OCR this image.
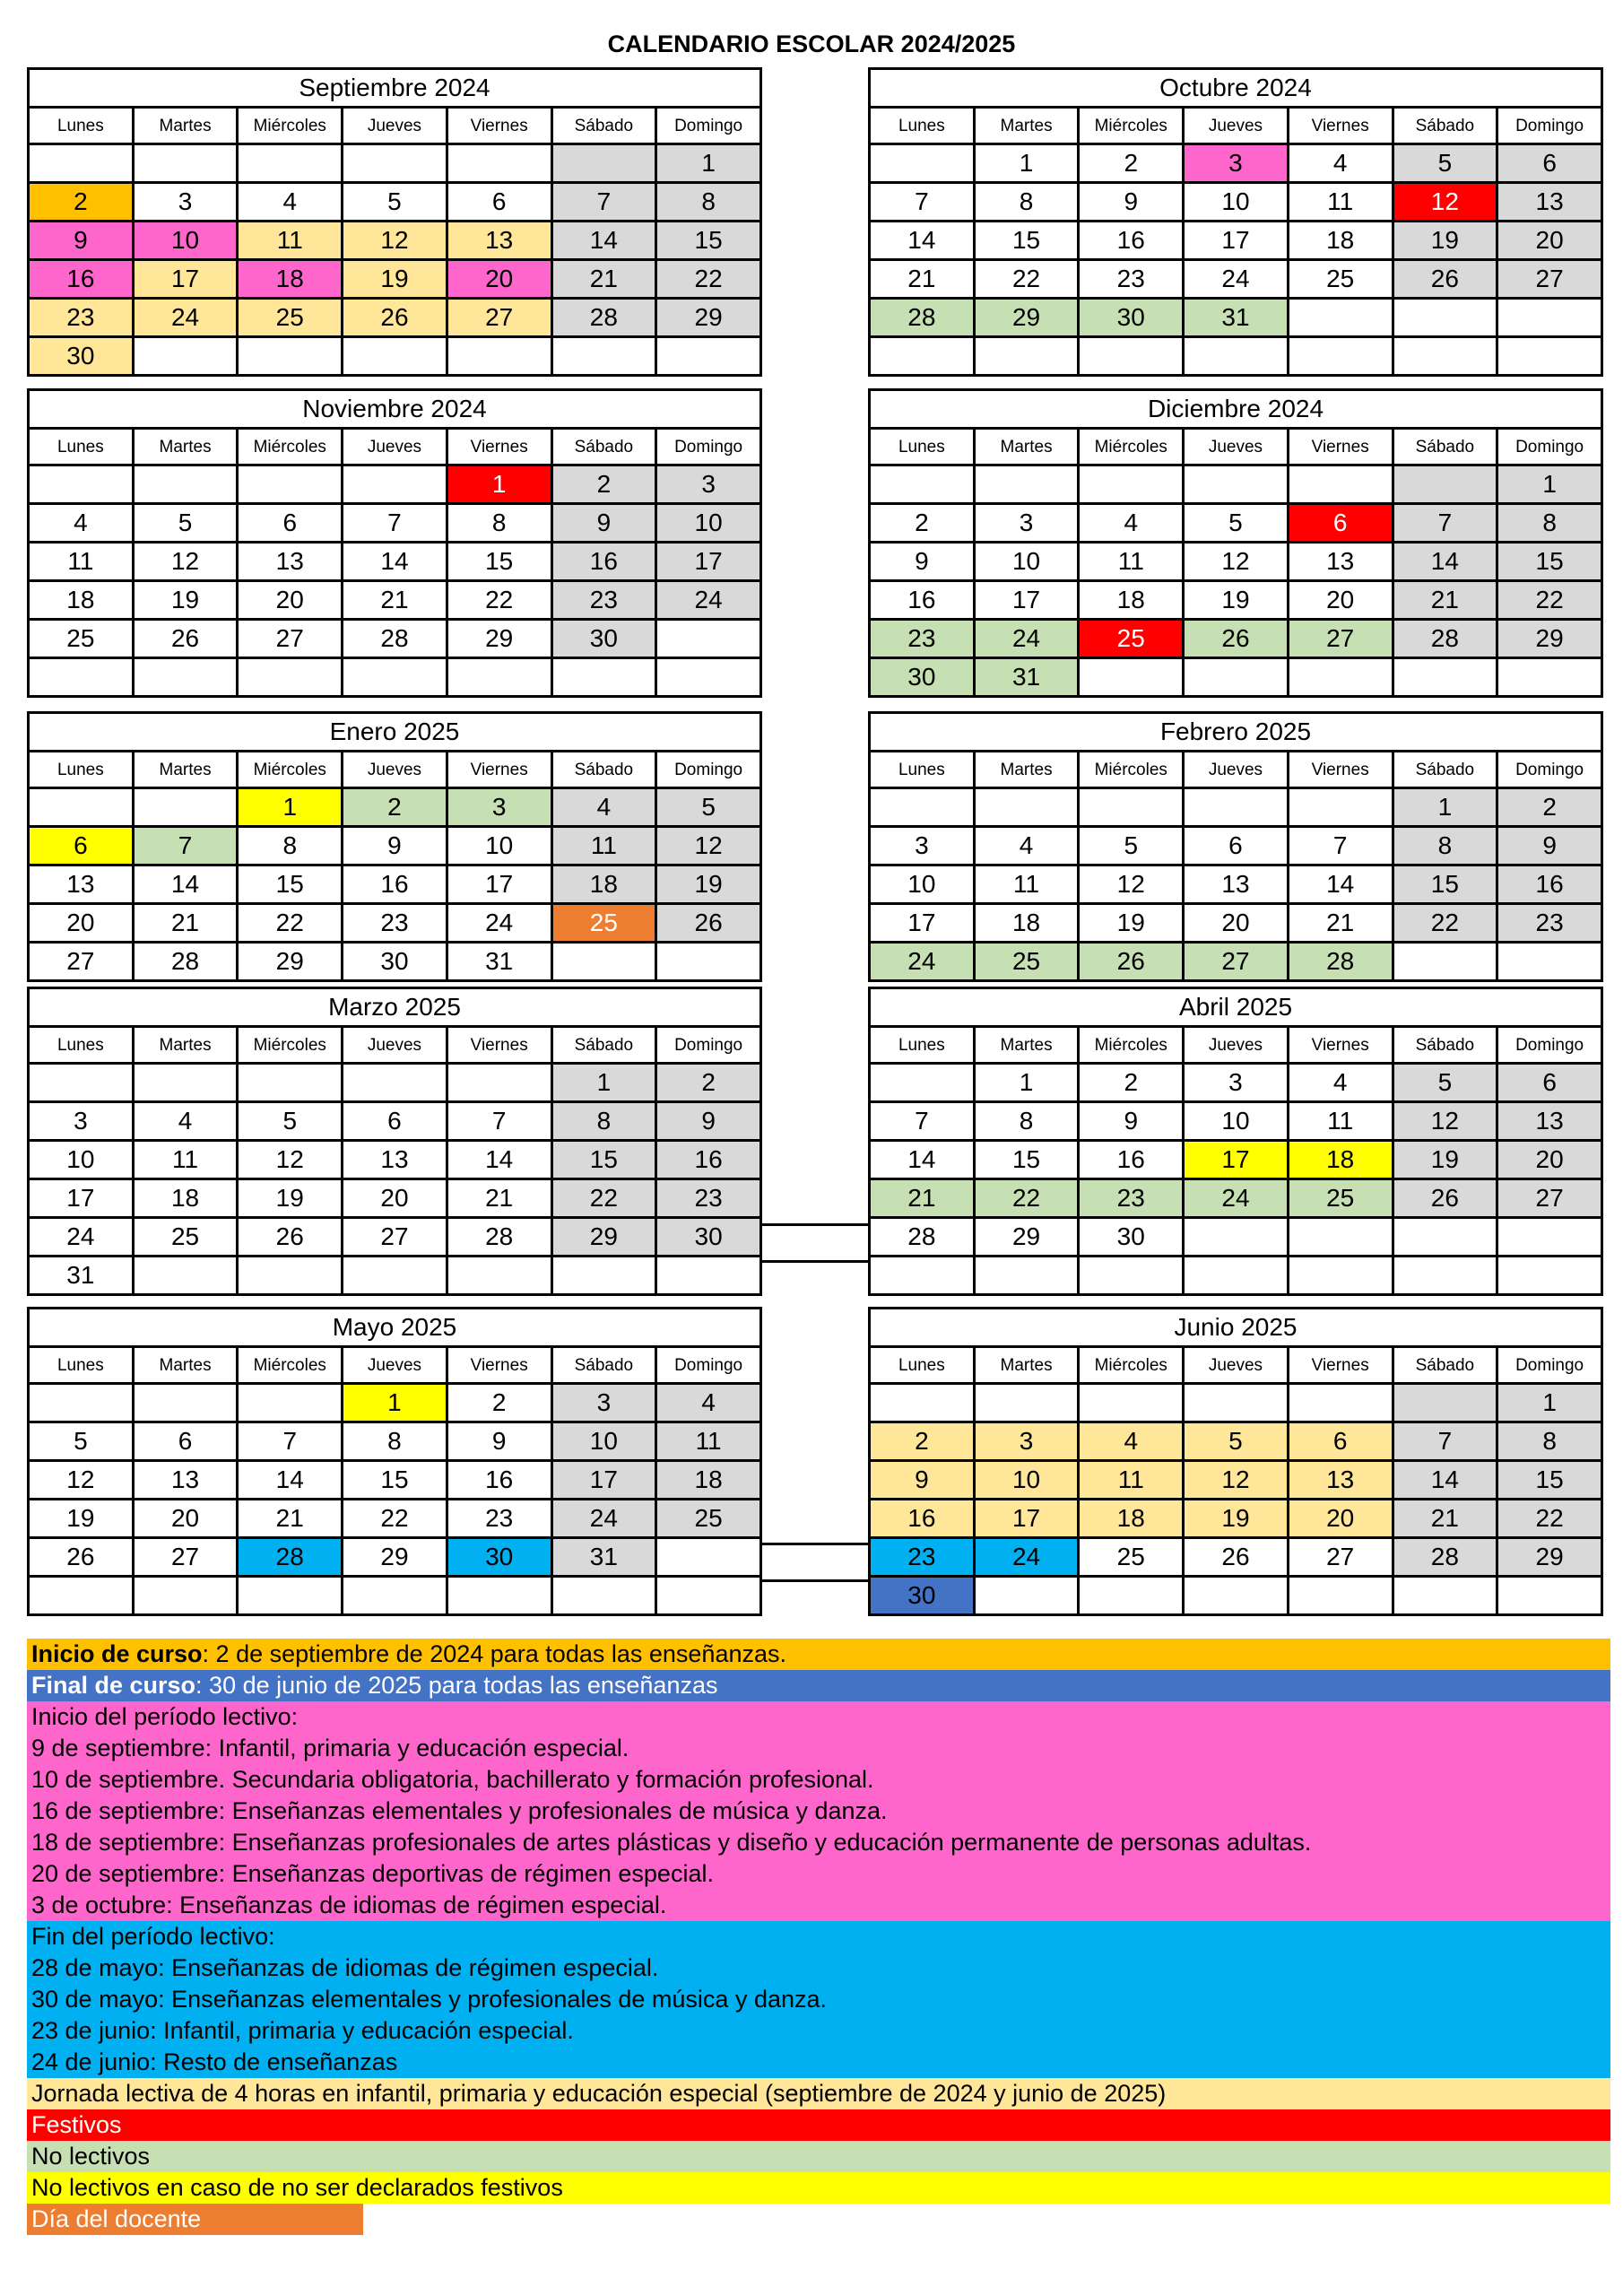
CALENDARIO ESCOLAR 2024/2025
Septiembre 2024						
Lunes	Martes	Miércoles	Jueves	Viernes	Sábado	Domingo
						1
2	3	4	5	6	7	8
9	10	11	12	13	14	15
16	17	18	19	20	21	22
23	24	25	26	27	28	29
30						
Octubre 2024						
Lunes	Martes	Miércoles	Jueves	Viernes	Sábado	Domingo
	1	2	3	4	5	6
7	8	9	10	11	12	13
14	15	16	17	18	19	20
21	22	23	24	25	26	27
28	29	30	31			

Noviembre 2024						
Lunes	Martes	Miércoles	Jueves	Viernes	Sábado	Domingo
				1	2	3
4	5	6	7	8	9	10
11	12	13	14	15	16	17
18	19	20	21	22	23	24
25	26	27	28	29	30	

Diciembre 2024						
Lunes	Martes	Miércoles	Jueves	Viernes	Sábado	Domingo
						1
2	3	4	5	6	7	8
9	10	11	12	13	14	15
16	17	18	19	20	21	22
23	24	25	26	27	28	29
30	31					
Enero 2025						
Lunes	Martes	Miércoles	Jueves	Viernes	Sábado	Domingo
		1	2	3	4	5
6	7	8	9	10	11	12
13	14	15	16	17	18	19
20	21	22	23	24	25	26
27	28	29	30	31		
Febrero 2025						
Lunes	Martes	Miércoles	Jueves	Viernes	Sábado	Domingo
					1	2
3	4	5	6	7	8	9
10	11	12	13	14	15	16
17	18	19	20	21	22	23
24	25	26	27	28		
Marzo 2025						
Lunes	Martes	Miércoles	Jueves	Viernes	Sábado	Domingo
					1	2
3	4	5	6	7	8	9
10	11	12	13	14	15	16
17	18	19	20	21	22	23
24	25	26	27	28	29	30
31						
Abril 2025						
Lunes	Martes	Miércoles	Jueves	Viernes	Sábado	Domingo
	1	2	3	4	5	6
7	8	9	10	11	12	13
14	15	16	17	18	19	20
21	22	23	24	25	26	27
28	29	30				

Mayo 2025						
Lunes	Martes	Miércoles	Jueves	Viernes	Sábado	Domingo
			1	2	3	4
5	6	7	8	9	10	11
12	13	14	15	16	17	18
19	20	21	22	23	24	25
26	27	28	29	30	31	

Junio 2025						
Lunes	Martes	Miércoles	Jueves	Viernes	Sábado	Domingo
						1
2	3	4	5	6	7	8
9	10	11	12	13	14	15
16	17	18	19	20	21	22
23	24	25	26	27	28	29
30						
Inicio de curso: 2 de septiembre de 2024 para todas las enseñanzas.
Final de curso: 30 de junio de 2025 para todas las enseñanzas
Inicio del período lectivo:
9 de septiembre: Infantil, primaria y educación especial.
10 de septiembre. Secundaria obligatoria, bachillerato y formación profesional.
16 de septiembre: Enseñanzas elementales y profesionales de música y danza.
18 de septiembre: Enseñanzas profesionales de artes plásticas y diseño y educación permanente de personas adultas.
20 de septiembre: Enseñanzas deportivas de régimen especial.
3 de octubre: Enseñanzas de idiomas de régimen especial.
Fin del período lectivo:
28 de mayo: Enseñanzas de idiomas de régimen especial.
30 de mayo: Enseñanzas elementales y profesionales de música y danza.
23 de junio: Infantil, primaria y educación especial.
24 de junio: Resto de enseñanzas
Jornada lectiva de 4 horas en infantil, primaria y educación especial (septiembre de 2024 y junio de 2025)
Festivos
No lectivos
No lectivos en caso de no ser declarados festivos
Día del docente
